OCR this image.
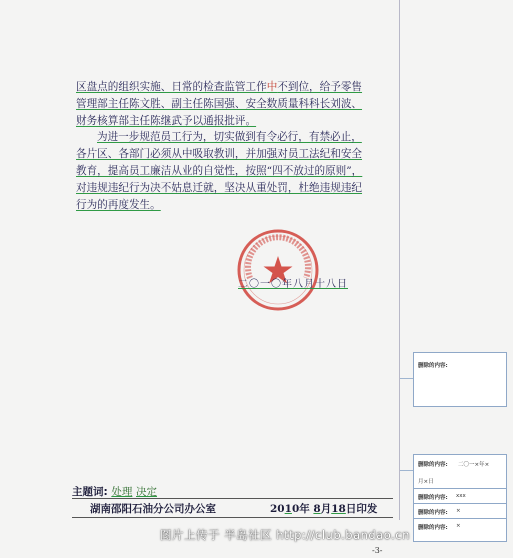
区盘点的组织实施、日常的检查监管工作中不到位，给予零售

管理部主任陈文胜、副主任陈国强、安全数质量科科长刘波、

财务核算部主任陈继武予以通报批评。

为进一步规范员工行为，切实做到有令必行，有禁必止，

各片区、各部门必须从中吸取教训，并加强对员工法纪和安全

教育，提高员工廉洁从业的自觉性，按照“四不放过的原则”，

对违规违纪行为决不姑息迁就，坚决从重处罚，杜绝违规违纪

行为的再度发生。

二〇一〇年八月十八日
删除的内容:
删除的内容: 二〇一×年×
月×日
删除的内容: xxx
删除的内容: ×
删除的内容: ×
主题词: 处理 决定
湖南邵阳石油分公司办公室	2010年 8月18日印发
图片上传于 半岛社区 http://club.bandao.cn
-3-
